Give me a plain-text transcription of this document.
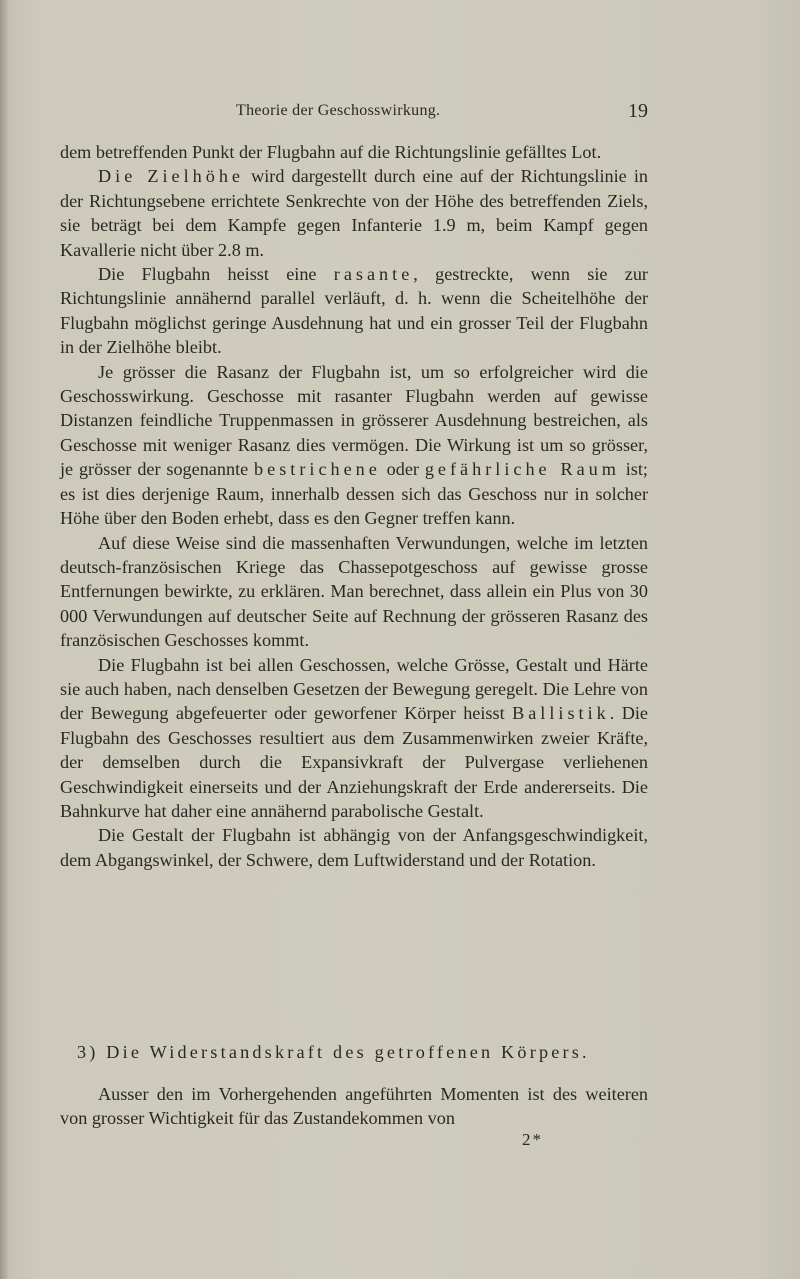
Theorie der Geschosswirkung.	19

dem betreffenden Punkt der Flugbahn auf die Richtungslinie gefälltes Lot.

Die Zielhöhe wird dargestellt durch eine auf der Richtungslinie in der Richtungsebene errichtete Senkrechte von der Höhe des betreffenden Ziels, sie beträgt bei dem Kampfe gegen Infanterie 1.9 m, beim Kampf gegen Kavallerie nicht über 2.8 m.

Die Flugbahn heisst eine rasante, gestreckte, wenn sie zur Richtungslinie annähernd parallel verläuft, d. h. wenn die Scheitelhöhe der Flugbahn möglichst geringe Ausdehnung hat und ein grosser Teil der Flugbahn in der Zielhöhe bleibt.

Je grösser die Rasanz der Flugbahn ist, um so erfolgreicher wird die Geschosswirkung. Geschosse mit rasanter Flugbahn werden auf gewisse Distanzen feindliche Truppenmassen in grösserer Ausdehnung bestreichen, als Geschosse mit weniger Rasanz dies vermögen. Die Wirkung ist um so grösser, je grösser der sogenannte bestrichene oder gefährliche Raum ist; es ist dies derjenige Raum, innerhalb dessen sich das Geschoss nur in solcher Höhe über den Boden erhebt, dass es den Gegner treffen kann.

Auf diese Weise sind die massenhaften Verwundungen, welche im letzten deutsch-französischen Kriege das Chassepotgeschoss auf gewisse grosse Entfernungen bewirkte, zu erklären. Man berechnet, dass allein ein Plus von 30 000 Verwundungen auf deutscher Seite auf Rechnung der grösseren Rasanz des französischen Geschosses kommt.

Die Flugbahn ist bei allen Geschossen, welche Grösse, Gestalt und Härte sie auch haben, nach denselben Gesetzen der Bewegung geregelt. Die Lehre von der Bewegung abgefeuerter oder geworfener Körper heisst Ballistik. Die Flugbahn des Geschosses resultiert aus dem Zusammenwirken zweier Kräfte, der demselben durch die Expansivkraft der Pulvergase verliehenen Geschwindigkeit einerseits und der Anziehungskraft der Erde andererseits. Die Bahnkurve hat daher eine annähernd parabolische Gestalt.

Die Gestalt der Flugbahn ist abhängig von der Anfangsgeschwindigkeit, dem Abgangswinkel, der Schwere, dem Luftwiderstand und der Rotation.

3) Die Widerstandskraft des getroffenen Körpers.

Ausser den im Vorhergehenden angeführten Momenten ist des weiteren von grosser Wichtigkeit für das Zustandekommen von

2*
